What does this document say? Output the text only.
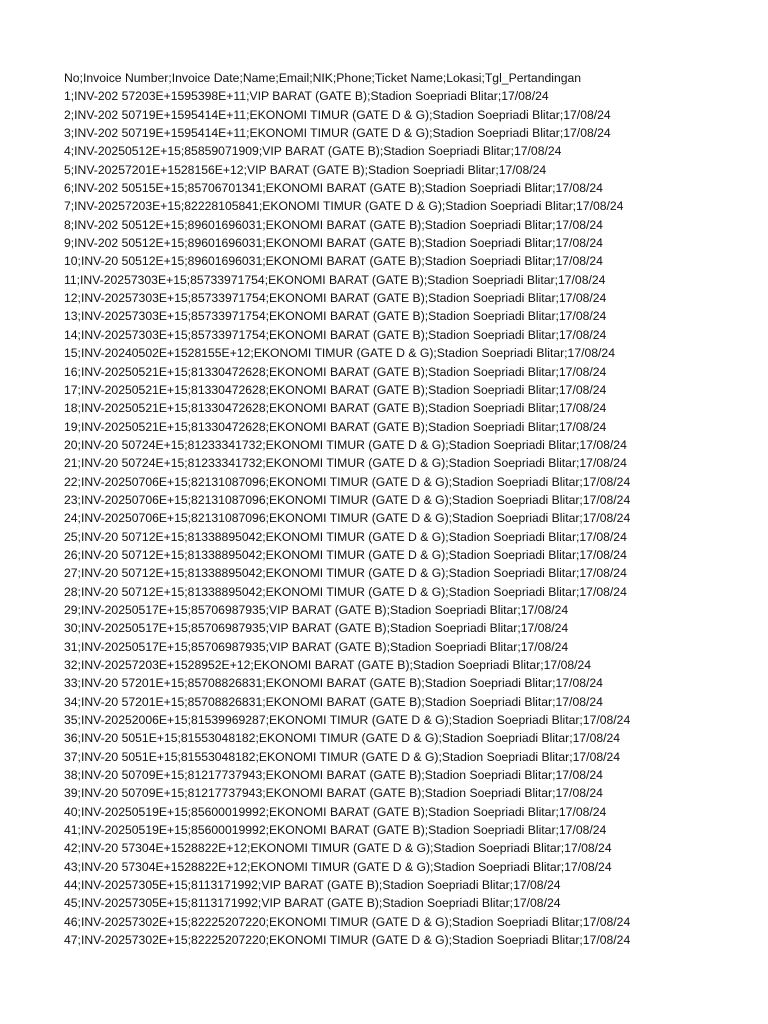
No;Invoice Number;Invoice Date;Name;Email;NIK;Phone;Ticket Name;Lokasi;Tgl_Pertandingan
1;INV-202 57203E+1595398E+11;VIP BARAT (GATE B);Stadion Soepriadi Blitar;17/08/24
2;INV-202 50719E+1595414E+11;EKONOMI TIMUR (GATE D & G);Stadion Soepriadi Blitar;17/08/24
3;INV-202 50719E+1595414E+11;EKONOMI TIMUR (GATE D & G);Stadion Soepriadi Blitar;17/08/24
4;INV-20250512E+15;85859071909;VIP BARAT (GATE B);Stadion Soepriadi Blitar;17/08/24
5;INV-20257201E+1528156E+12;VIP BARAT (GATE B);Stadion Soepriadi Blitar;17/08/24
6;INV-202 50515E+15;85706701341;EKONOMI BARAT (GATE B);Stadion Soepriadi Blitar;17/08/24
7;INV-20257203E+15;82228105841;EKONOMI TIMUR (GATE D & G);Stadion Soepriadi Blitar;17/08/24
8;INV-202 50512E+15;89601696031;EKONOMI BARAT (GATE B);Stadion Soepriadi Blitar;17/08/24
9;INV-202 50512E+15;89601696031;EKONOMI BARAT (GATE B);Stadion Soepriadi Blitar;17/08/24
10;INV-20 50512E+15;89601696031;EKONOMI BARAT (GATE B);Stadion Soepriadi Blitar;17/08/24
11;INV-20257303E+15;85733971754;EKONOMI BARAT (GATE B);Stadion Soepriadi Blitar;17/08/24
12;INV-20257303E+15;85733971754;EKONOMI BARAT (GATE B);Stadion Soepriadi Blitar;17/08/24
13;INV-20257303E+15;85733971754;EKONOMI BARAT (GATE B);Stadion Soepriadi Blitar;17/08/24
14;INV-20257303E+15;85733971754;EKONOMI BARAT (GATE B);Stadion Soepriadi Blitar;17/08/24
15;INV-20240502E+1528155E+12;EKONOMI TIMUR (GATE D & G);Stadion Soepriadi Blitar;17/08/24
16;INV-20250521E+15;81330472628;EKONOMI BARAT (GATE B);Stadion Soepriadi Blitar;17/08/24
17;INV-20250521E+15;81330472628;EKONOMI BARAT (GATE B);Stadion Soepriadi Blitar;17/08/24
18;INV-20250521E+15;81330472628;EKONOMI BARAT (GATE B);Stadion Soepriadi Blitar;17/08/24
19;INV-20250521E+15;81330472628;EKONOMI BARAT (GATE B);Stadion Soepriadi Blitar;17/08/24
20;INV-20 50724E+15;81233341732;EKONOMI TIMUR (GATE D & G);Stadion Soepriadi Blitar;17/08/24
21;INV-20 50724E+15;81233341732;EKONOMI TIMUR (GATE D & G);Stadion Soepriadi Blitar;17/08/24
22;INV-20250706E+15;82131087096;EKONOMI TIMUR (GATE D & G);Stadion Soepriadi Blitar;17/08/24
23;INV-20250706E+15;82131087096;EKONOMI TIMUR (GATE D & G);Stadion Soepriadi Blitar;17/08/24
24;INV-20250706E+15;82131087096;EKONOMI TIMUR (GATE D & G);Stadion Soepriadi Blitar;17/08/24
25;INV-20 50712E+15;81338895042;EKONOMI TIMUR (GATE D & G);Stadion Soepriadi Blitar;17/08/24
26;INV-20 50712E+15;81338895042;EKONOMI TIMUR (GATE D & G);Stadion Soepriadi Blitar;17/08/24
27;INV-20 50712E+15;81338895042;EKONOMI TIMUR (GATE D & G);Stadion Soepriadi Blitar;17/08/24
28;INV-20 50712E+15;81338895042;EKONOMI TIMUR (GATE D & G);Stadion Soepriadi Blitar;17/08/24
29;INV-20250517E+15;85706987935;VIP BARAT (GATE B);Stadion Soepriadi Blitar;17/08/24
30;INV-20250517E+15;85706987935;VIP BARAT (GATE B);Stadion Soepriadi Blitar;17/08/24
31;INV-20250517E+15;85706987935;VIP BARAT (GATE B);Stadion Soepriadi Blitar;17/08/24
32;INV-20257203E+1528952E+12;EKONOMI BARAT (GATE B);Stadion Soepriadi Blitar;17/08/24
33;INV-20 57201E+15;85708826831;EKONOMI BARAT (GATE B);Stadion Soepriadi Blitar;17/08/24
34;INV-20 57201E+15;85708826831;EKONOMI BARAT (GATE B);Stadion Soepriadi Blitar;17/08/24
35;INV-20252006E+15;81539969287;EKONOMI TIMUR (GATE D & G);Stadion Soepriadi Blitar;17/08/24
36;INV-20 5051E+15;81553048182;EKONOMI TIMUR (GATE D & G);Stadion Soepriadi Blitar;17/08/24
37;INV-20 5051E+15;81553048182;EKONOMI TIMUR (GATE D & G);Stadion Soepriadi Blitar;17/08/24
38;INV-20 50709E+15;81217737943;EKONOMI BARAT (GATE B);Stadion Soepriadi Blitar;17/08/24
39;INV-20 50709E+15;81217737943;EKONOMI BARAT (GATE B);Stadion Soepriadi Blitar;17/08/24
40;INV-20250519E+15;85600019992;EKONOMI BARAT (GATE B);Stadion Soepriadi Blitar;17/08/24
41;INV-20250519E+15;85600019992;EKONOMI BARAT (GATE B);Stadion Soepriadi Blitar;17/08/24
42;INV-20 57304E+1528822E+12;EKONOMI TIMUR (GATE D & G);Stadion Soepriadi Blitar;17/08/24
43;INV-20 57304E+1528822E+12;EKONOMI TIMUR (GATE D & G);Stadion Soepriadi Blitar;17/08/24
44;INV-20257305E+15;8113171992;VIP BARAT (GATE B);Stadion Soepriadi Blitar;17/08/24
45;INV-20257305E+15;8113171992;VIP BARAT (GATE B);Stadion Soepriadi Blitar;17/08/24
46;INV-20257302E+15;82225207220;EKONOMI TIMUR (GATE D & G);Stadion Soepriadi Blitar;17/08/24
47;INV-20257302E+15;82225207220;EKONOMI TIMUR (GATE D & G);Stadion Soepriadi Blitar;17/08/24
